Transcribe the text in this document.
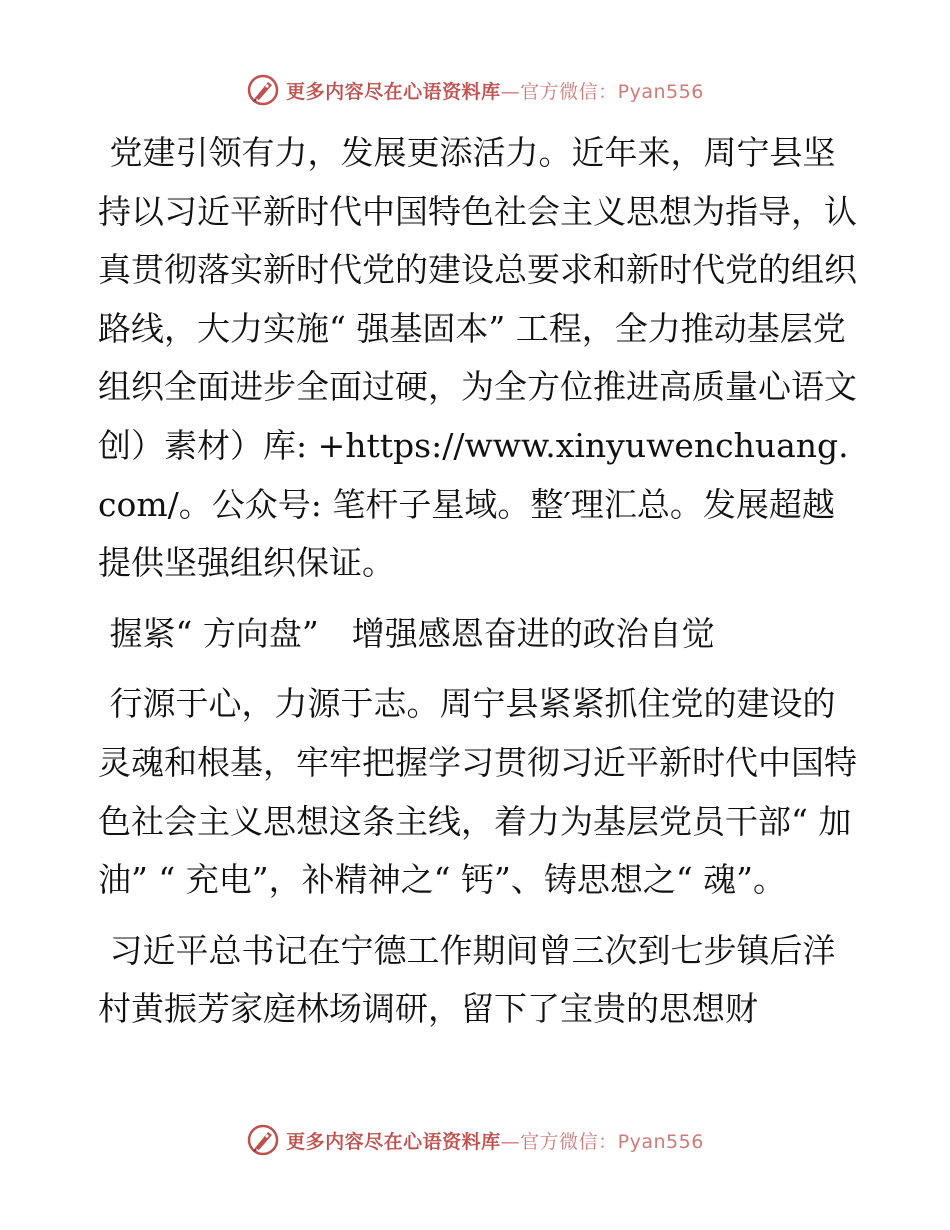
更多内容尽在心语资料库—官方微信：Pyan556

党建引领有力，发展更添活力。近年来，周宁县坚持以习近平新时代中国特色社会主义思想为指导，认真贯彻落实新时代党的建设总要求和新时代党的组织路线，大力实施“ 强基固本” 工程，全力推动基层党组织全面进步全面过硬，为全方位推进高质量心语文创）素材）库: +https://www.xinyuwenchuang.com/。公众号: 笔杆子星域。整′理汇总。发展超越提供坚强组织保证。

握紧“ 方向盘”　增强感恩奋进的政治自觉

行源于心，力源于志。周宁县紧紧抓住党的建设的灵魂和根基，牢牢把握学习贯彻习近平新时代中国特色社会主义思想这条主线，着力为基层党员干部“ 加油” “ 充电”，补精神之“ 钙”、铸思想之“ 魂”。

习近平总书记在宁德工作期间曾三次到七步镇后洋村黄振芳家庭林场调研，留下了宝贵的思想财

更多内容尽在心语资料库—官方微信：Pyan556
